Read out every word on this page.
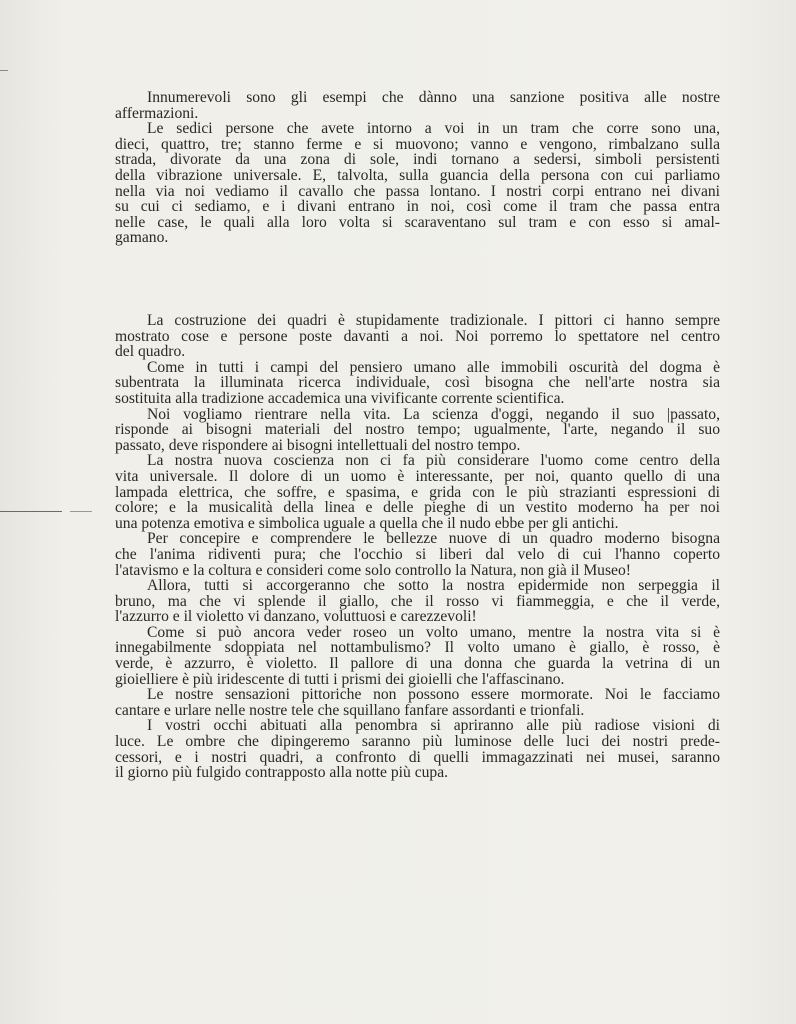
Innumerevoli sono gli esempi che dànno una sanzione positiva alle nostre
affermazioni.
Le sedici persone che avete intorno a voi in un tram che corre sono una,
dieci, quattro, tre; stanno ferme e si muovono; vanno e vengono, rimbalzano sulla
strada, divorate da una zona di sole, indi tornano a sedersi, simboli persistenti
della vibrazione universale. E, talvolta, sulla guancia della persona con cui parliamo
nella via noi vediamo il cavallo che passa lontano. I nostri corpi entrano nei divani
su cui ci sediamo, e i divani entrano in noi, così come il tram che passa entra
nelle case, le quali alla loro volta si scaraventano sul tram e con esso si amal-
gamano.
La costruzione dei quadri è stupidamente tradizionale. I pittori ci hanno sempre
mostrato cose e persone poste davanti a noi. Noi porremo lo spettatore nel centro
del quadro.
Come in tutti i campi del pensiero umano alle immobili oscurità del dogma è
subentrata la illuminata ricerca individuale, così bisogna che nell'arte nostra sia
sostituita alla tradizione accademica una vivificante corrente scientifica.
Noi vogliamo rientrare nella vita. La scienza d'oggi, negando il suo |passato,
risponde ai bisogni materiali del nostro tempo; ugualmente, l'arte, negando il suo
passato, deve rispondere ai bisogni intellettuali del nostro tempo.
La nostra nuova coscienza non ci fa più considerare l'uomo come centro della
vita universale. Il dolore di un uomo è interessante, per noi, quanto quello di una
lampada elettrica, che soffre, e spasima, e grida con le più strazianti espressioni di
colore; e la musicalità della linea e delle pieghe di un vestito moderno ha per noi
una potenza emotiva e simbolica uguale a quella che il nudo ebbe per gli antichi.
Per concepire e comprendere le bellezze nuove di un quadro moderno bisogna
che l'anima ridiventi pura; che l'occhio si liberi dal velo di cui l'hanno coperto
l'atavismo e la coltura e consideri come solo controllo la Natura, non già il Museo!
Allora, tutti si accorgeranno che sotto la nostra epidermide non serpeggia il
bruno, ma che vi splende il giallo, che il rosso vi fiammeggia, e che il verde,
l'azzurro e il violetto vi danzano, voluttuosi e carezzevoli!
Come si può ancora veder roseo un volto umano, mentre la nostra vita si è
innegabilmente sdoppiata nel nottambulismo? Il volto umano è giallo, è rosso, è
verde, è azzurro, è violetto. Il pallore di una donna che guarda la vetrina di un
gioielliere è più iridescente di tutti i prismi dei gioielli che l'affascinano.
Le nostre sensazioni pittoriche non possono essere mormorate. Noi le facciamo
cantare e urlare nelle nostre tele che squillano fanfare assordanti e trionfali.
I vostri occhi abituati alla penombra si apriranno alle più radiose visioni di
luce. Le ombre che dipingeremo saranno più luminose delle luci dei nostri prede-
cessori, e i nostri quadri, a confronto di quelli immagazzinati nei musei, saranno
il giorno più fulgido contrapposto alla notte più cupa.
